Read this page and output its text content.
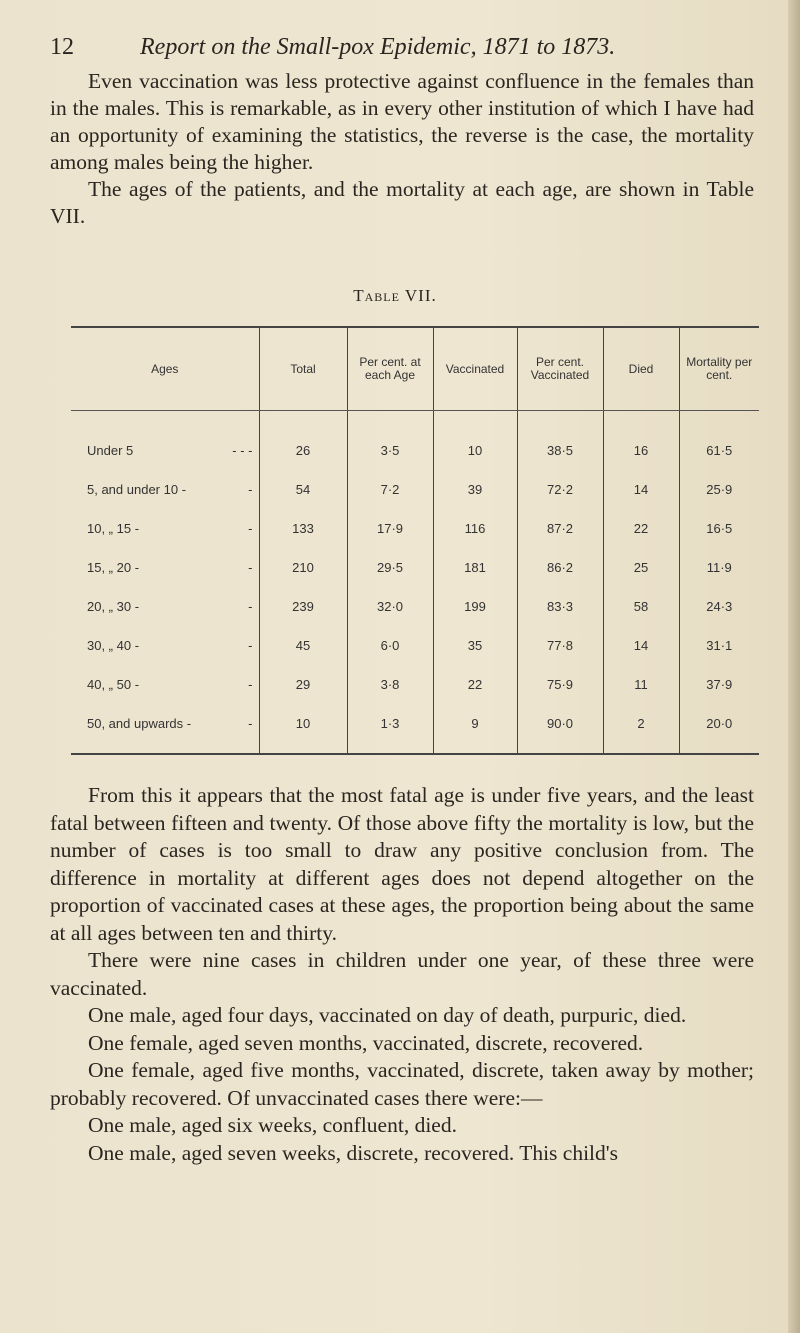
12	Report on the Small-pox Epidemic, 1871 to 1873.

Even vaccination was less protective against confluence in the females than in the males. This is remarkable, as in every other institution of which I have had an opportunity of examining the statistics, the reverse is the case, the mortality among males being the higher.

The ages of the patients, and the mortality at each age, are shown in Table VII.

Table VII.
Ages	Total	Per cent. at each Age	Vaccinated	Per cent. Vaccinated	Died	Mortality per cent.

Under 5 - - -	26	3·5	10	38·5	16	61·5

5, and under 10 - -	54	7·2	39	72·2	14	25·9

10, „ 15 - -	133	17·9	116	87·2	22	16·5

15, „ 20 - -	210	29·5	181	86·2	25	11·9

20, „ 30 - -	239	32·0	199	83·3	58	24·3

30, „ 40 - -	45	6·0	35	77·8	14	31·1

40, „ 50 - -	29	3·8	22	75·9	11	37·9

50, and upwards - -	10	1·3	9	90·0	2	20·0

From this it appears that the most fatal age is under five years, and the least fatal between fifteen and twenty. Of those above fifty the mortality is low, but the number of cases is too small to draw any positive conclusion from. The difference in mortality at different ages does not depend altogether on the proportion of vaccinated cases at these ages, the proportion being about the same at all ages between ten and thirty.

There were nine cases in children under one year, of these three were vaccinated.

One male, aged four days, vaccinated on day of death, purpuric, died.

One female, aged seven months, vaccinated, discrete, recovered.

One female, aged five months, vaccinated, discrete, taken away by mother; probably recovered. Of unvaccinated cases there were:—

One male, aged six weeks, confluent, died.

One male, aged seven weeks, discrete, recovered. This child's
